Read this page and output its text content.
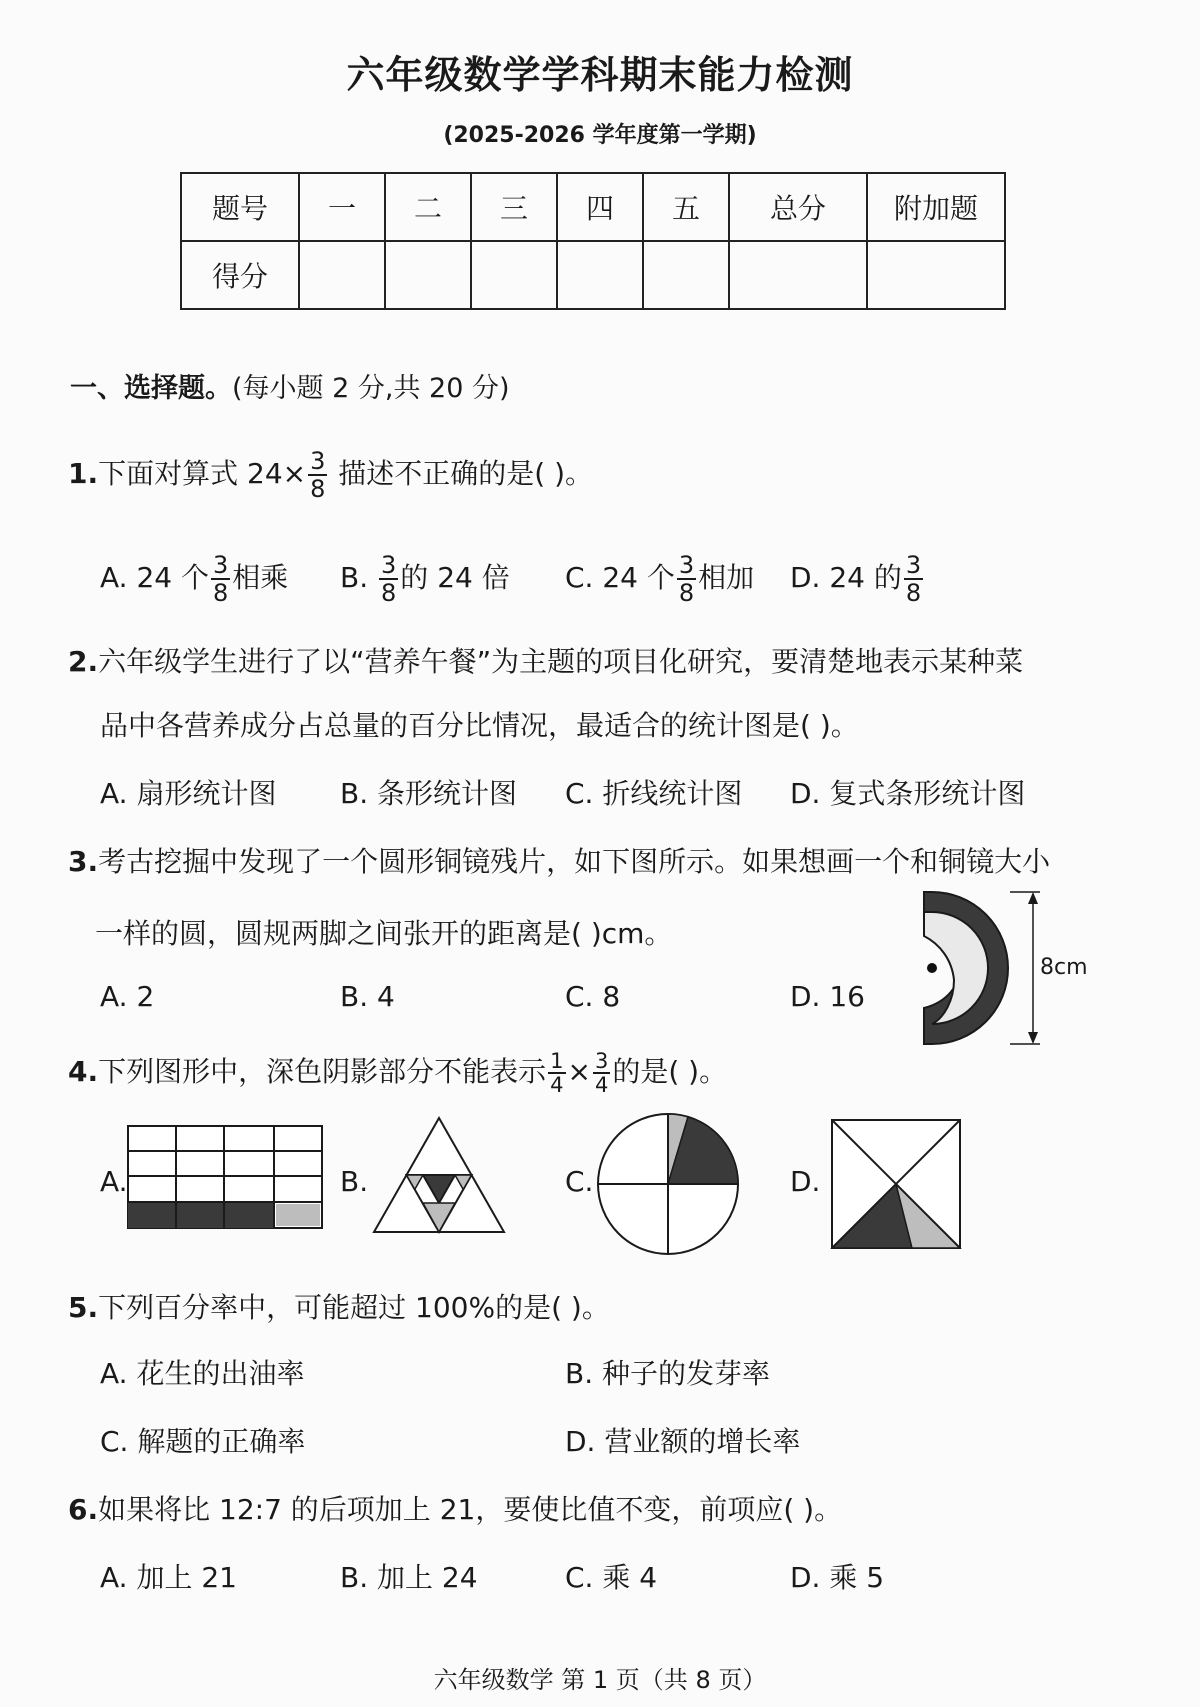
六年级数学学科期末能力检测
(2025-2026 学年度第一学期)
题号	一	二	三	四	五	总分	附加题
得分							
一、选择题。(每小题 2 分,共 20 分)
1.下面对算式 $24\times \frac{3}{8}$ 描述不正确的是( )。
A. 24 个 $\frac{3}{8}$ 相乘 B. $\frac{3}{8}$ 的 24 倍 C. 24 个 $\frac{3}{8}$ 相加 D. 24 的 $\frac{3}{8}$
2.六年级学生进行了以“营养午餐”为主题的项目化研究，要清楚地表示某种菜
品中各营养成分占总量的百分比情况，最适合的统计图是( )。
A. 扇形统计图 B. 条形统计图 C. 折线统计图 D. 复式条形统计图
3.考古挖掘中发现了一个圆形铜镜残片，如下图所示。如果想画一个和铜镜大小
一样的圆，圆规两脚之间张开的距离是( )cm。
A. 2	B. 4	C. 8	D. 16
8cm
4.下列图形中，深色阴影部分不能表示 $\frac{1}{4} \times \frac{3}{4}$ 的是( )。
A.	B.	C.	D.
5.下列百分率中，可能超过 100%的是( )。
A. 花生的出油率	B. 种子的发芽率
C. 解题的正确率	D. 营业额的增长率
6.如果将比 12:7 的后项加上 21，要使比值不变，前项应( )。
A. 加上 21	B. 加上 24	C. 乘 4	D. 乘 5
六年级数学 第 1 页（共 8 页）
